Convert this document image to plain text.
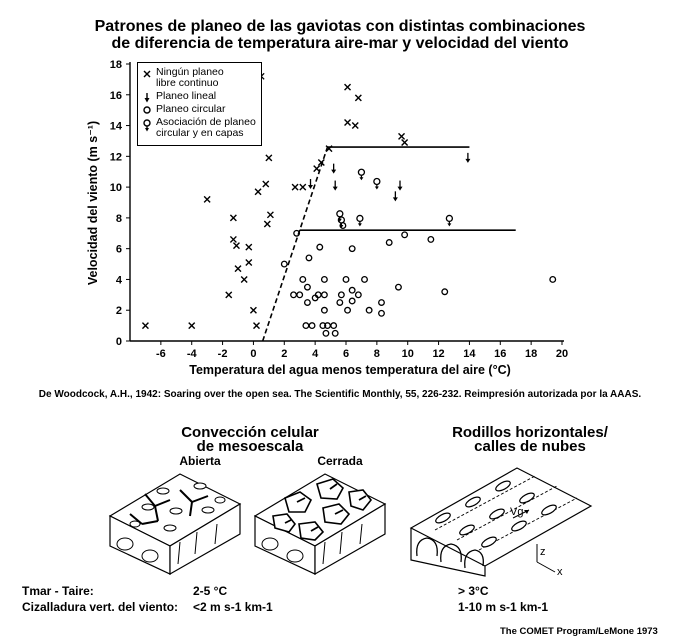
Patrones de planeo de las gaviotas con distintas combinaciones
de diferencia de temperatura aire-mar y velocidad del viento
-6 -4 -2 0 2 4 6 8 10 12 14 16 18 20
0
2
4
6
8
10
12
14
16
18
Velocidad del viento (m s⁻¹)
Temperatura del agua menos temperatura del aire (°C)
Ningún planeo
libre continuo
Planeo lineal
Planeo circular
Asociación de planeo
circular y en capas
De Woodcock, A.H., 1942: Soaring over the open sea. The Scientific Monthly, 55, 226-232. Reimpresión autorizada por la AAAS.
Convección celular
de mesoescala
Abierta	Cerrada
Rodillos horizontales/
calles de nubes
Vg
z
x
Tmar - Taire:	2-5 °C	> 3°C
Cizalladura vert. del viento: <2 m s-1 km-1	1-10 m s-1 km-1
The COMET Program/LeMone 1973
